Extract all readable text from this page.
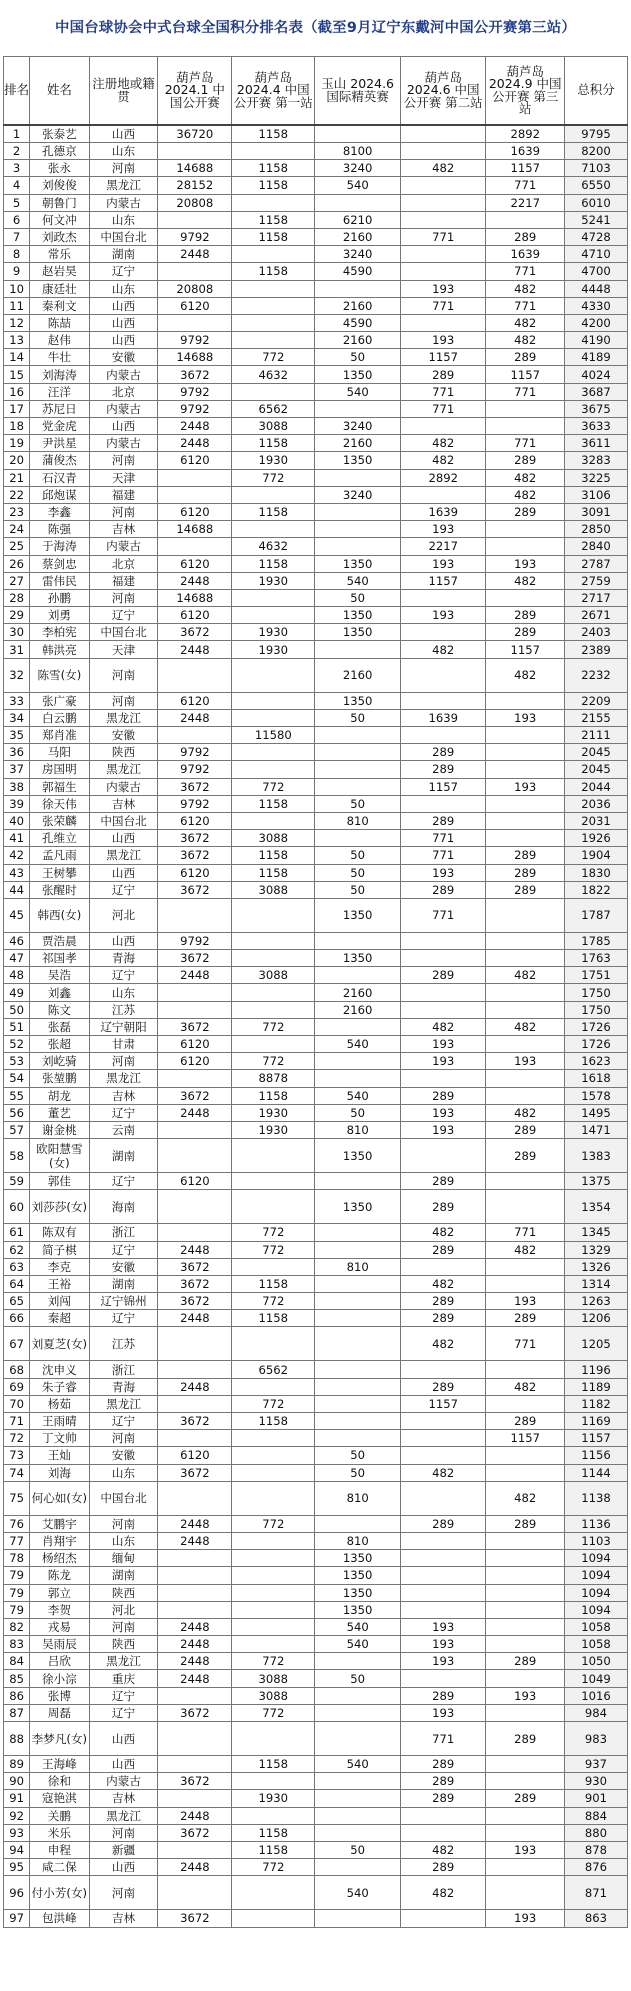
中国台球协会中式台球全国积分排名表（截至9月辽宁东戴河中国公开赛第三站）
排名	姓名	注册地或籍贯	葫芦岛 2024.1 中国公开赛	葫芦岛 2024.4 中国公开赛 第一站	玉山 2024.6 国际精英赛	葫芦岛 2024.6 中国公开赛 第二站	葫芦岛 2024.9 中国公开赛 第三站	总积分
1	张泰艺	山西	36720	1158			2892	9795
2	孔德京	山东			8100		1639	8200
3	张永	河南	14688	1158	3240	482	1157	7103
4	刘俊俊	黑龙江	28152	1158	540		771	6550
5	朝鲁门	内蒙古	20808				2217	6010
6	何文冲	山东		1158	6210			5241
7	刘政杰	中国台北	9792	1158	2160	771	289	4728
8	常乐	湖南	2448		3240		1639	4710
9	赵岩昊	辽宁		1158	4590		771	4700
10	康廷壮	山东	20808			193	482	4448
11	秦利文	山西	6120		2160	771	771	4330
12	陈喆	山西			4590		482	4200
13	赵伟	山西	9792		2160	193	482	4190
14	牛壮	安徽	14688	772	50	1157	289	4189
15	刘海涛	内蒙古	3672	4632	1350	289	1157	4024
16	汪洋	北京	9792		540	771	771	3687
17	苏尼日	内蒙古	9792	6562		771		3675
18	党金虎	山西	2448	3088	3240			3633
19	尹洪星	内蒙古	2448	1158	2160	482	771	3611
20	蒲俊杰	河南	6120	1930	1350	482	289	3283
21	石汉青	天津		772		2892	482	3225
22	邱炮谋	福建			3240		482	3106
23	李鑫	河南	6120	1158		1639	289	3091
24	陈强	吉林	14688			193		2850
25	于海涛	内蒙古		4632		2217		2840
26	蔡剑忠	北京	6120	1158	1350	193	193	2787
27	雷伟民	福建	2448	1930	540	1157	482	2759
28	孙鹏	河南	14688		50			2717
29	刘勇	辽宁	6120		1350	193	289	2671
30	李柏宪	中国台北	3672	1930	1350		289	2403
31	韩洪亮	天津	2448	1930		482	1157	2389
32	陈雪(女)	河南			2160		482	2232
33	张广豪	河南	6120		1350			2209
34	白云鹏	黑龙江	2448		50	1639	193	2155
35	郑肖准	安徽		11580				2111
36	马阳	陕西	9792			289		2045
37	房国明	黑龙江	9792			289		2045
38	郭福生	内蒙古	3672	772		1157	193	2044
39	徐天伟	吉林	9792	1158	50			2036
40	张荣麟	中国台北	6120		810	289		2031
41	孔维立	山西	3672	3088		771		1926
42	孟凡雨	黑龙江	3672	1158	50	771	289	1904
43	王树攀	山西	6120	1158	50	193	289	1830
44	张醒时	辽宁	3672	3088	50	289	289	1822
45	韩西(女)	河北			1350	771		1787
46	贾浩晨	山西	9792					1785
47	祁国孝	青海	3672		1350			1763
48	吴浩	辽宁	2448	3088		289	482	1751
49	刘鑫	山东			2160			1750
50	陈文	江苏			2160			1750
51	张磊	辽宁朝阳	3672	772		482	482	1726
52	张超	甘肃	6120		540	193		1726
53	刘屹骑	河南	6120	772		193	193	1623
54	张堃鹏	黑龙江		8878				1618
55	胡龙	吉林	3672	1158	540	289		1578
56	董艺	辽宁	2448	1930	50	193	482	1495
57	谢金桃	云南		1930	810	193	289	1471
58	欧阳慧雪(女)	湖南			1350		289	1383
59	郭佳	辽宁	6120			289		1375
60	刘莎莎(女)	海南			1350	289		1354
61	陈双有	浙江		772		482	771	1345
62	简子棋	辽宁	2448	772		289	482	1329
63	李克	安徽	3672		810			1326
64	王裕	湖南	3672	1158		482		1314
65	刘闯	辽宁锦州	3672	772		289	193	1263
66	秦超	辽宁	2448	1158		289	289	1206
67	刘夏芝(女)	江苏				482	771	1205
68	沈申义	浙江		6562				1196
69	朱子睿	青海	2448			289	482	1189
70	杨茹	黑龙江		772		1157		1182
71	王雨晴	辽宁	3672	1158			289	1169
72	丁文帅	河南					1157	1157
73	王灿	安徽	6120		50			1156
74	刘海	山东	3672		50	482		1144
75	何心如(女)	中国台北			810		482	1138
76	艾鹏宇	河南	2448	772		289	289	1136
77	肖翔宇	山东	2448		810			1103
78	杨绍杰	缅甸			1350			1094
79	陈龙	湖南			1350			1094
79	郭立	陕西			1350			1094
79	李贺	河北			1350			1094
82	戎易	河南	2448		540	193		1058
83	吴雨辰	陕西	2448		540	193		1058
84	吕欣	黑龙江	2448	772		193	289	1050
85	徐小淙	重庆	2448	3088	50			1049
86	张博	辽宁		3088		289	193	1016
87	周磊	辽宁	3672	772		193		984
88	李梦凡(女)	山西				771	289	983
89	王海峰	山西		1158	540	289		937
90	徐和	内蒙古	3672			289		930
91	寇艳淇	吉林		1930		289	289	901
92	关鹏	黑龙江	2448					884
93	米乐	河南	3672	1158				880
94	申程	新疆		1158	50	482	193	878
95	咸二保	山西	2448	772		289		876
96	付小芳(女)	河南			540	482		871
97	包洪峰	吉林	3672				193	863
